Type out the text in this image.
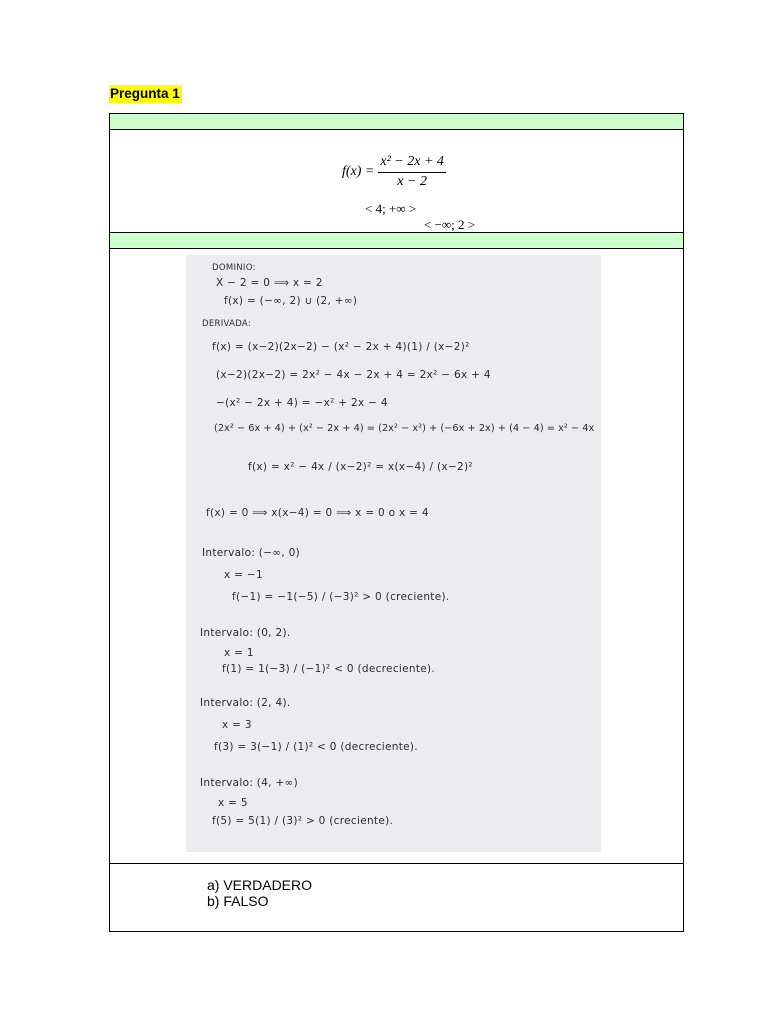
Pregunta 1
$f(x) = \frac{\text{x² − 2x + 4}}{x - 2}$
< 4; +∞ >
< −∞; 2 >
DOMINIO:
X − 2 = 0 ⟹ x = 2
f(x) = (−∞, 2) ∪ (2, +∞)
DERIVADA:
f(x) = (x−2)(2x−2) − (x² − 2x + 4)(1) / (x−2)²
(x−2)(2x−2) = 2x² − 4x − 2x + 4 = 2x² − 6x + 4
−(x² − 2x + 4) = −x² + 2x − 4
(2x² − 6x + 4) + (x² − 2x + 4) = (2x² − x²) + (−6x + 2x) + (4 − 4) = x² − 4x
f(x) = x² − 4x / (x−2)² = x(x−4) / (x−2)²
f(x) = 0 ⟹ x(x−4) = 0 ⟹ x = 0 o x = 4
Intervalo: (−∞, 0)
x = −1
f(−1) = −1(−5) / (−3)² > 0 (creciente).
Intervalo: (0, 2).
x = 1
f(1) = 1(−3) / (−1)² < 0 (decreciente).
Intervalo: (2, 4).
x = 3
f(3) = 3(−1) / (1)² < 0 (decreciente).
Intervalo: (4, +∞)
x = 5
f(5) = 5(1) / (3)² > 0 (creciente).
a) VERDADERO
b) FALSO
